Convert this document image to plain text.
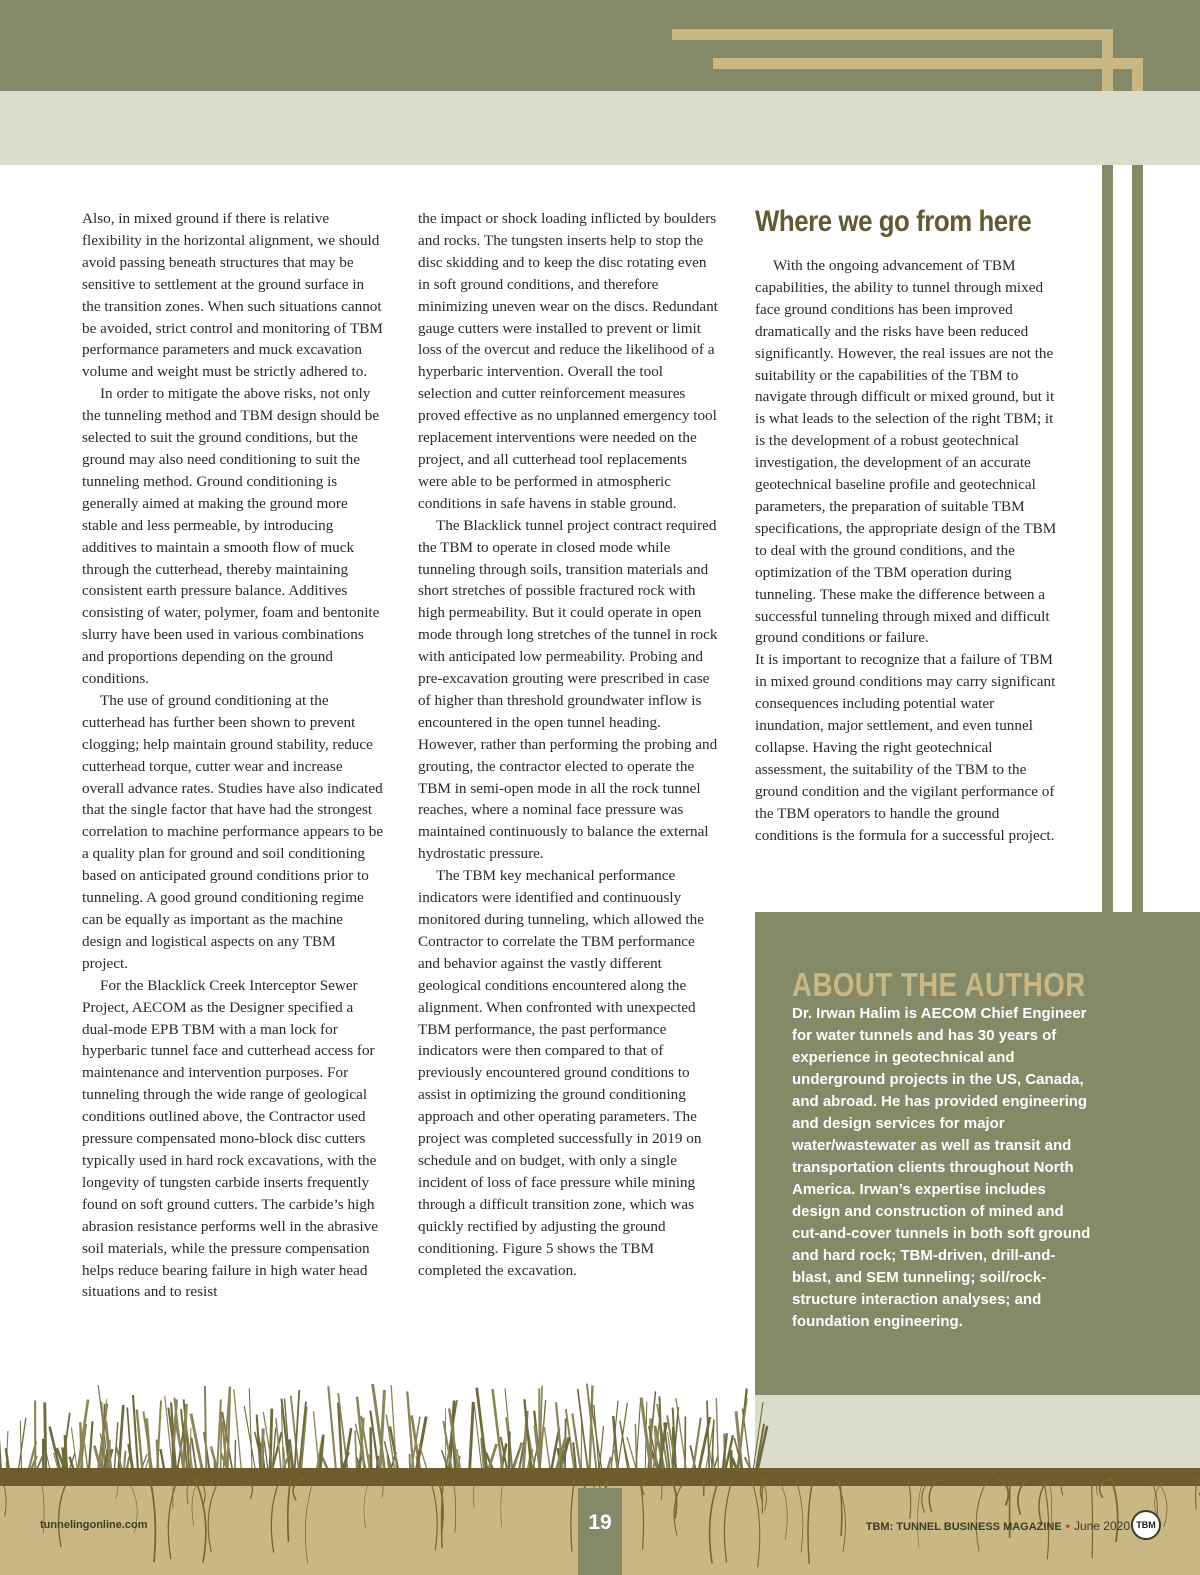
Also, in mixed ground if there is relative flexibility in the horizontal alignment, we should avoid passing beneath structures that may be sensitive to settlement at the ground surface in the transition zones. When such situations cannot be avoided, strict control and monitoring of TBM performance parameters and muck excavation volume and weight must be strictly adhered to.

In order to mitigate the above risks, not only the tunneling method and TBM design should be selected to suit the ground conditions, but the ground may also need conditioning to suit the tunneling method. Ground conditioning is generally aimed at making the ground more stable and less permeable, by introducing additives to maintain a smooth flow of muck through the cutterhead, thereby maintaining consistent earth pressure balance. Additives consisting of water, polymer, foam and bentonite slurry have been used in various combinations and proportions depending on the ground conditions.

The use of ground conditioning at the cutterhead has further been shown to prevent clogging; help maintain ground stability, reduce cutterhead torque, cutter wear and increase overall advance rates. Studies have also indicated that the single factor that have had the strongest correlation to machine performance appears to be a quality plan for ground and soil conditioning based on anticipated ground conditions prior to tunneling. A good ground conditioning regime can be equally as important as the machine design and logistical aspects on any TBM project.

For the Blacklick Creek Interceptor Sewer Project, AECOM as the Designer specified a dual-mode EPB TBM with a man lock for hyperbaric tunnel face and cutterhead access for maintenance and intervention purposes. For tunneling through the wide range of geological conditions outlined above, the Contractor used pressure compensated mono-block disc cutters typically used in hard rock excavations, with the longevity of tungsten carbide inserts frequently found on soft ground cutters. The carbide’s high abrasion resistance performs well in the abrasive soil materials, while the pressure compensation helps reduce bearing failure in high water head situations and to resist

the impact or shock loading inflicted by boulders and rocks. The tungsten inserts help to stop the disc skidding and to keep the disc rotating even in soft ground conditions, and therefore minimizing uneven wear on the discs. Redundant gauge cutters were installed to prevent or limit loss of the overcut and reduce the likelihood of a hyperbaric intervention. Overall the tool selection and cutter reinforcement measures proved effective as no unplanned emergency tool replacement interventions were needed on the project, and all cutterhead tool replacements were able to be performed in atmospheric conditions in safe havens in stable ground.

The Blacklick tunnel project contract required the TBM to operate in closed mode while tunneling through soils, transition materials and short stretches of possible fractured rock with high permeability. But it could operate in open mode through long stretches of the tunnel in rock with anticipated low permeability. Probing and pre-excavation grouting were prescribed in case of higher than threshold groundwater inflow is encountered in the open tunnel heading. However, rather than performing the probing and grouting, the contractor elected to operate the TBM in semi-open mode in all the rock tunnel reaches, where a nominal face pressure was maintained continuously to balance the external hydrostatic pressure.

The TBM key mechanical performance indicators were identified and continuously monitored during tunneling, which allowed the Contractor to correlate the TBM performance and behavior against the vastly different geological conditions encountered along the alignment. When confronted with unexpected TBM performance, the past performance indicators were then compared to that of previously encountered ground conditions to assist in optimizing the ground conditioning approach and other operating parameters. The project was completed successfully in 2019 on schedule and on budget, with only a single incident of loss of face pressure while mining through a difficult transition zone, which was quickly rectified by adjusting the ground conditioning. Figure 5 shows the TBM completed the excavation.

Where we go from here

With the ongoing advancement of TBM capabilities, the ability to tunnel through mixed face ground conditions has been improved dramatically and the risks have been reduced significantly. However, the real issues are not the suitability or the capabilities of the TBM to navigate through difficult or mixed ground, but it is what leads to the selection of the right TBM; it is the development of a robust geotechnical investigation, the development of an accurate geotechnical baseline profile and geotechnical parameters, the preparation of suitable TBM specifications, the appropriate design of the TBM to deal with the ground conditions, and the optimization of the TBM operation during tunneling. These make the difference between a successful tunneling through mixed and difficult ground conditions or failure.

It is important to recognize that a failure of TBM in mixed ground conditions may carry significant consequences including potential water inundation, major settlement, and even tunnel collapse. Having the right geotechnical assessment, the suitability of the TBM to the ground condition and the vigilant performance of the TBM operators to handle the ground conditions is the formula for a successful project.

ABOUT THE AUTHOR

Dr. Irwan Halim is AECOM Chief Engineer for water tunnels and has 30 years of experience in geotechnical and underground projects in the US, Canada, and abroad. He has provided engineering and design services for major water/wastewater as well as transit and transportation clients throughout North America. Irwan’s expertise includes design and construction of mined and cut-and-cover tunnels in both soft ground and hard rock; TBM-driven, drill-and-blast, and SEM tunneling; soil/rock-structure interaction analyses; and foundation engineering.

tunnelingonline.com	19	TBM: TUNNEL BUSINESS MAGAZINE • June 2020 TBM
